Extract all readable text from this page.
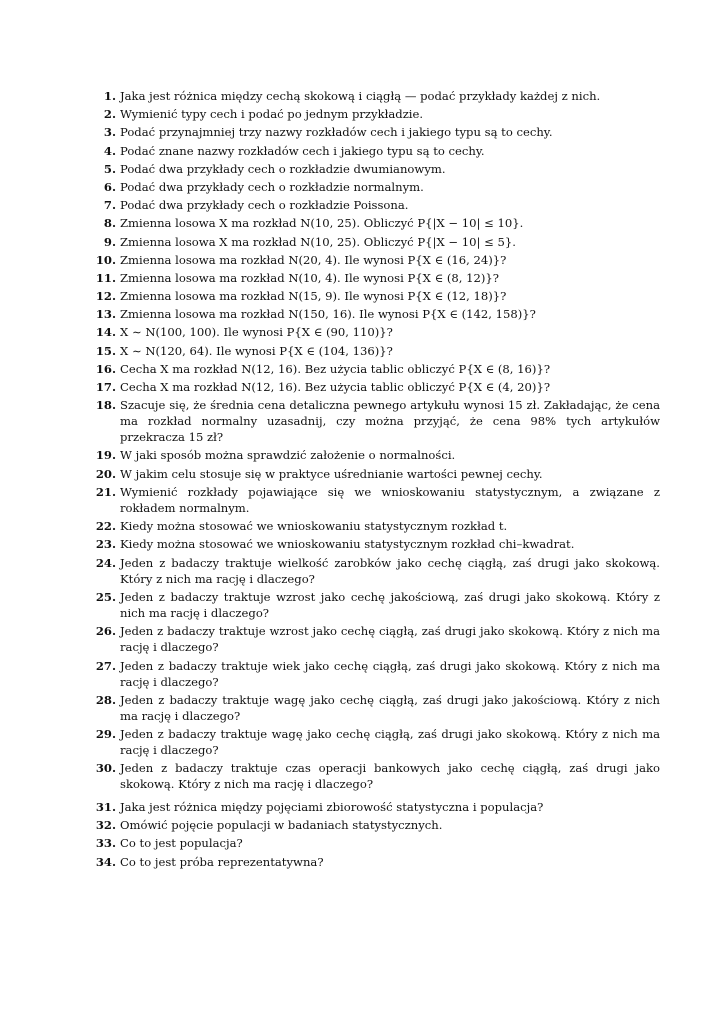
1. Jaka jest różnica między cechą skokową i ciągłą — podać przykłady każdej z nich.
2. Wymienić typy cech i podać po jednym przykładzie.
3. Podać przynajmniej trzy nazwy rozkładów cech i jakiego typu są to cechy.
4. Podać znane nazwy rozkładów cech i jakiego typu są to cechy.
5. Podać dwa przykłady cech o rozkładzie dwumianowym.
6. Podać dwa przykłady cech o rozkładzie normalnym.
7. Podać dwa przykłady cech o rozkładzie Poissona.
8. Zmienna losowa X ma rozkład N(10, 25). Obliczyć P{|X − 10| ≤ 10}.
9. Zmienna losowa X ma rozkład N(10, 25). Obliczyć P{|X − 10| ≤ 5}.
10. Zmienna losowa ma rozkład N(20, 4). Ile wynosi P{X ∈ (16, 24)}?
11. Zmienna losowa ma rozkład N(10, 4). Ile wynosi P{X ∈ (8, 12)}?
12. Zmienna losowa ma rozkład N(15, 9). Ile wynosi P{X ∈ (12, 18)}?
13. Zmienna losowa ma rozkład N(150, 16). Ile wynosi P{X ∈ (142, 158)}?
14. X ∼ N(100, 100). Ile wynosi P{X ∈ (90, 110)}?
15. X ∼ N(120, 64). Ile wynosi P{X ∈ (104, 136)}?
16. Cecha X ma rozkład N(12, 16). Bez użycia tablic obliczyć P{X ∈ (8, 16)}?
17. Cecha X ma rozkład N(12, 16). Bez użycia tablic obliczyć P{X ∈ (4, 20)}?
18. Szacuje się, że średnia cena detaliczna pewnego artykułu wynosi 15 zł. Zakładając, że cena ma rozkład normalny uzasadnij, czy można przyjąć, że cena 98% tych artykułów przekracza 15 zł?
19. W jaki sposób można sprawdzić założenie o normalności.
20. W jakim celu stosuje się w praktyce uśrednianie wartości pewnej cechy.
21. Wymienić rozkłady pojawiające się we wnioskowaniu statystycznym, a związane z rokładem normalnym.
22. Kiedy można stosować we wnioskowaniu statystycznym rozkład t.
23. Kiedy można stosować we wnioskowaniu statystycznym rozkład chi–kwadrat.
24. Jeden z badaczy traktuje wielkość zarobków jako cechę ciągłą, zaś drugi jako skokową. Który z nich ma rację i dlaczego?
25. Jeden z badaczy traktuje wzrost jako cechę jakościową, zaś drugi jako skokową. Który z nich ma rację i dlaczego?
26. Jeden z badaczy traktuje wzrost jako cechę ciągłą, zaś drugi jako skokową. Który z nich ma rację i dlaczego?
27. Jeden z badaczy traktuje wiek jako cechę ciągłą, zaś drugi jako skokową. Który z nich ma rację i dlaczego?
28. Jeden z badaczy traktuje wagę jako cechę ciągłą, zaś drugi jako jakościową. Który z nich ma rację i dlaczego?
29. Jeden z badaczy traktuje wagę jako cechę ciągłą, zaś drugi jako skokową. Który z nich ma rację i dlaczego?
30. Jeden z badaczy traktuje czas operacji bankowych jako cechę ciągłą, zaś drugi jako skokową. Który z nich ma rację i dlaczego?
31. Jaka jest różnica między pojęciami zbiorowość statystyczna i populacja?
32. Omówić pojęcie populacji w badaniach statystycznych.
33. Co to jest populacja?
34. Co to jest próba reprezentatywna?
